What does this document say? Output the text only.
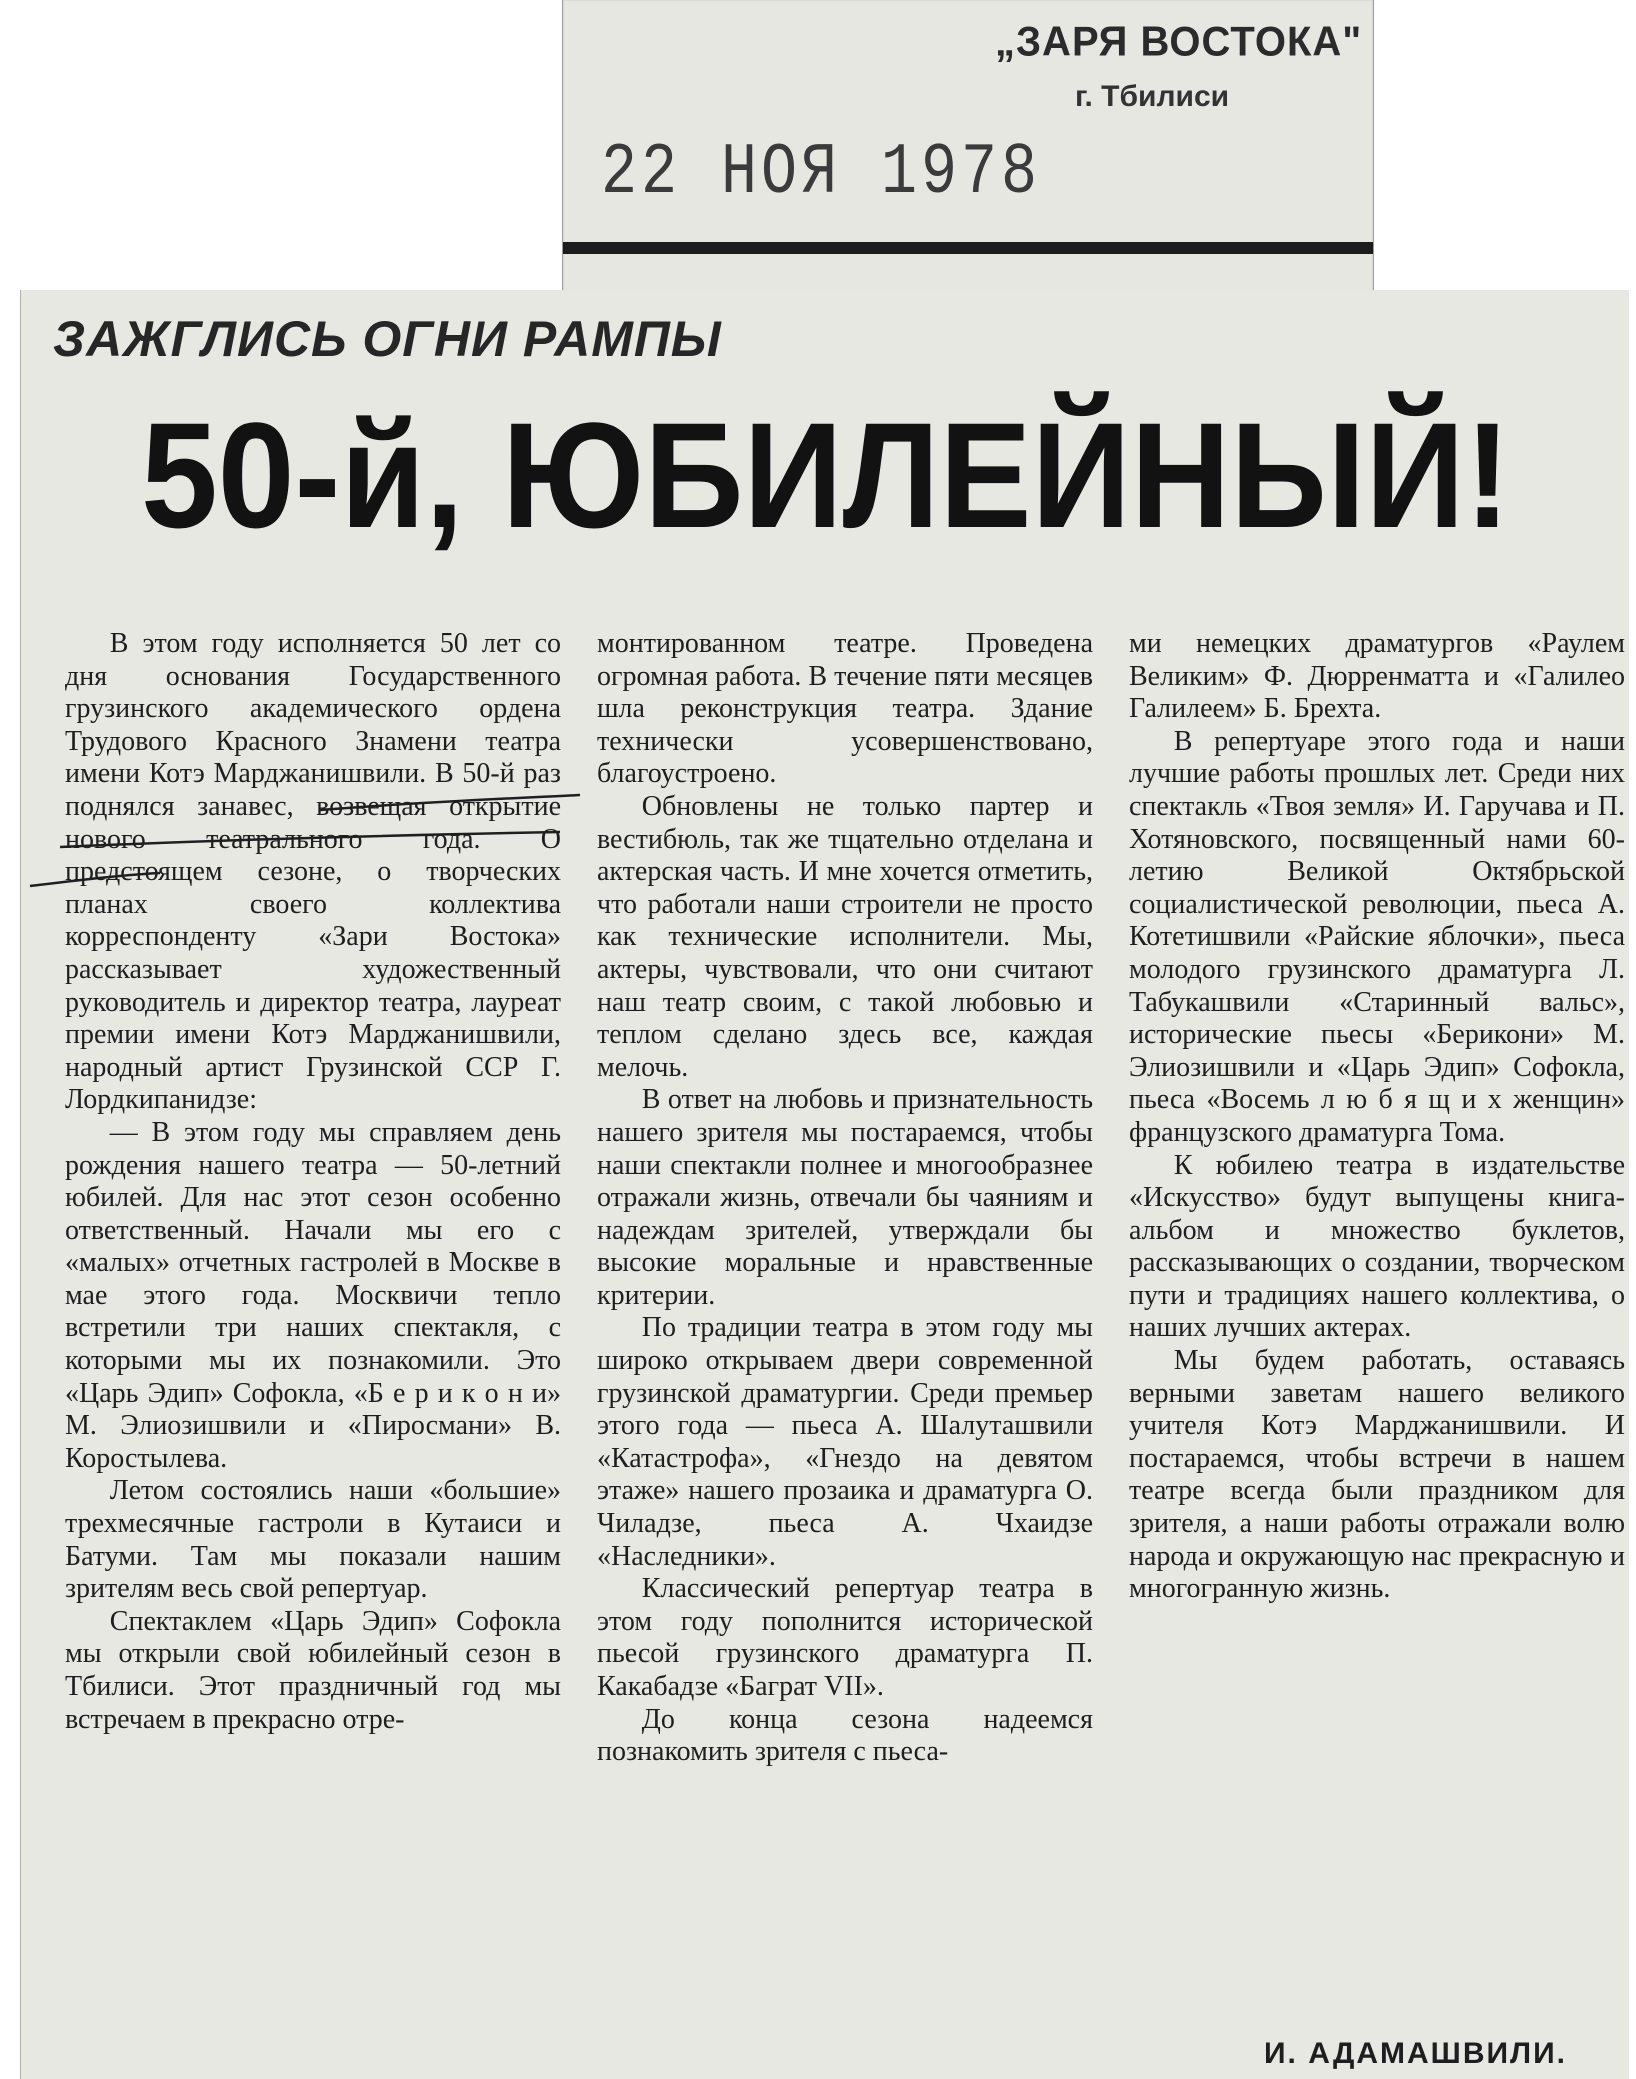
„ЗАРЯ ВОСТОКА"
г. Тбилиси
22 НОЯ 1978
ЗАЖГЛИСЬ ОГНИ РАМПЫ
50-й, ЮБИЛЕЙНЫЙ!

В этом году исполняется 50 лет со дня основания Государственного грузинского академического ордена Трудового Красного Знамени театра имени Котэ Марджанишвили. В 50-й раз поднялся занавес, возвещая открытие нового театрального года. О предстоящем сезоне, о творческих планах своего коллектива корреспонденту «Зари Востока» рассказывает художественный руководитель и директор театра, лауреат премии имени Котэ Марджанишвили, народный артист Грузинской ССР Г. Лордкипанидзе:

— В этом году мы справляем день рождения нашего театра — 50-летний юбилей. Для нас этот сезон особенно ответственный. Начали мы его с «малых» отчетных гастролей в Москве в мае этого года. Москвичи тепло встретили три наших спектакля, с которыми мы их познакомили. Это «Царь Эдип» Софокла, «Б е р и к о н и» М. Элиозишвили и «Пиросмани» В. Коростылева.

Летом состоялись наши «большие» трехмесячные гастроли в Кутаиси и Батуми. Там мы показали нашим зрителям весь свой репертуар.

Спектаклем «Царь Эдип» Софокла мы открыли свой юбилейный сезон в Тбилиси. Этот праздничный год мы встречаем в прекрасно отре-

монтированном театре. Проведена огромная работа. В течение пяти месяцев шла реконструкция театра. Здание технически усовершенствовано, благоустроено.

Обновлены не только партер и вестибюль, так же тщательно отделана и актерская часть. И мне хочется отметить, что работали наши строители не просто как технические исполнители. Мы, актеры, чувствовали, что они считают наш театр своим, с такой любовью и теплом сделано здесь все, каждая мелочь.

В ответ на любовь и признательность нашего зрителя мы постараемся, чтобы наши спектакли полнее и многообразнее отражали жизнь, отвечали бы чаяниям и надеждам зрителей, утверждали бы высокие моральные и нравственные критерии.

По традиции театра в этом году мы широко открываем двери современной грузинской драматургии. Среди премьер этого года — пьеса А. Шалуташвили «Катастрофа», «Гнездо на девятом этаже» нашего прозаика и драматурга О. Чиладзе, пьеса А. Чхаидзе «Наследники».

Классический репертуар театра в этом году пополнится исторической пьесой грузинского драматурга П. Какабадзе «Баграт VII».

До конца сезона надеемся познакомить зрителя с пьеса-

ми немецких драматургов «Раулем Великим» Ф. Дюрренматта и «Галилео Галилеем» Б. Брехта.

В репертуаре этого года и наши лучшие работы прошлых лет. Среди них спектакль «Твоя земля» И. Гаручава и П. Хотяновского, посвященный нами 60-летию Великой Октябрьской социалистической революции, пьеса А. Котетишвили «Райские яблочки», пьеса молодого грузинского драматурга Л. Табукашвили «Старинный вальс», исторические пьесы «Берикони» М. Элиозишвили и «Царь Эдип» Софокла, пьеса «Восемь л ю б я щ и х женщин» французского драматурга Тома.

К юбилею театра в издательстве «Искусство» будут выпущены книга-альбом и множество буклетов, рассказывающих о создании, творческом пути и традициях нашего коллектива, о наших лучших актерах.

Мы будем работать, оставаясь верными заветам нашего великого учителя Котэ Марджанишвили. И постараемся, чтобы встречи в нашем театре всегда были праздником для зрителя, а наши работы отражали волю народа и окружающую нас прекрасную и многогранную жизнь.

И. АДАМАШВИЛИ.
